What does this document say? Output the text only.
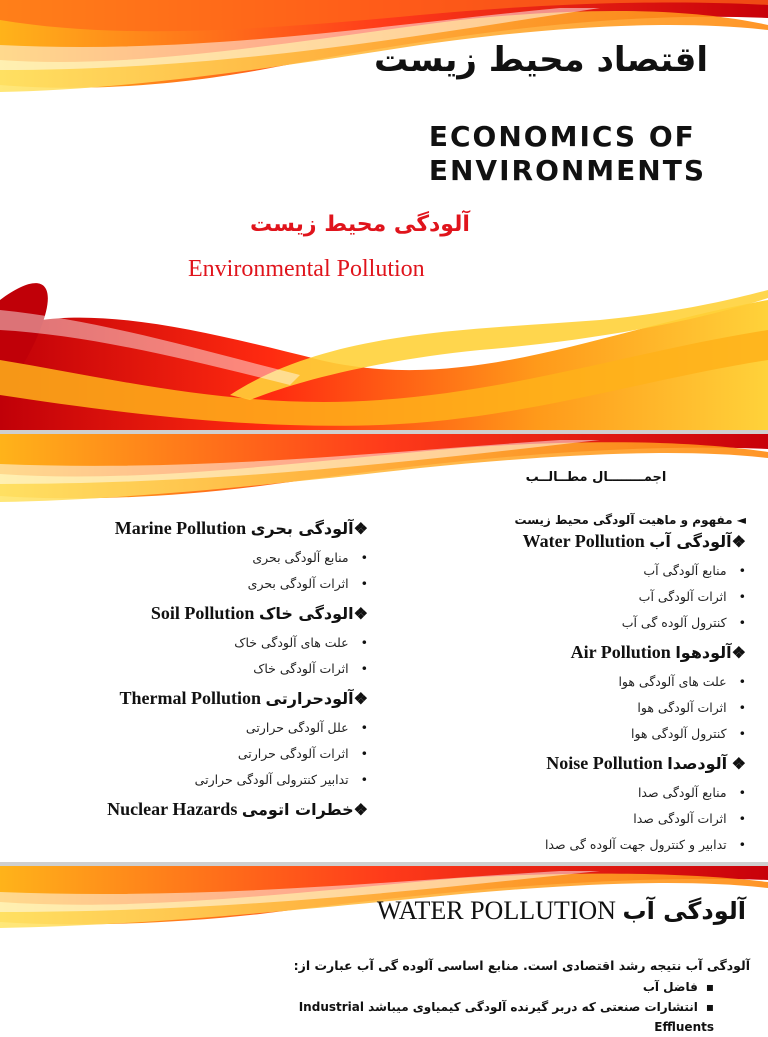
اقتصاد محیط زیست
ECONOMICS OF
ENVIRONMENTS
آلودگی محیط زیست
Environmental Pollution
اجمــــــــال مطــالــب
◄ مفهوم و ماهیت آلودگی محیط زیست
Water Pollution آلودگی آب❖
• منابع آلودگی آب
• اثرات آلودگی آب
• کنترول آلوده گی آب
Air Pollution آلودهوا❖
• علت های آلودگی هوا
• اثرات آلودگی هوا
• کنترول آلودگی هوا
Noise Pollution آلودصدا ❖
• منابع آلودگی صدا
• اثرات آلودگی صدا
• تدابیر و کنترول جهت آلوده گی صدا
Marine Pollution آلودگی بحری❖
• منابع آلودگی بحری
• اثرات آلودگی بحری
Soil Pollution الودگی خاک❖
• علت های آلودگی خاک
• اثرات آلودگی خاک
Thermal Pollution آلودحرارتی❖
• علل آلودگی حرارتی
• اثرات آلودگی حرارتی
• تدابیر کنترولی آلودگی حرارتی
Nuclear Hazards خطرات اتومی❖
WATER POLLUTION آلودگی آب
آلودگی آب نتیجه رشد اقتصادی است. منابع اساسی آلوده گی آب عبارت از:
▪ فاضل آب
▪ انتشارات صنعتی که دربر گیرنده آلودگی کیمیاوی میباشد Industrial Effluents
